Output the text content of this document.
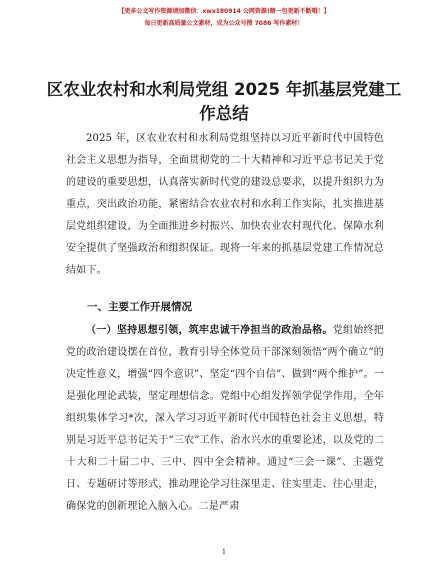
【更多公文写作资源请加微信：xwx180914 公网资源!瞎一包更新不断哦！】
每日更新高质量公文素材，成为公众号搜 7086 写作素材！
区农业农村和水利局党组 2025 年抓基层党建工作总结
2025 年，区农业农村和水利局党组坚持以习近平新时代中国特色社会主义思想为指导，全面贯彻党的二十大精神和习近平总书记关于党的建设的重要思想，认真落实新时代党的建设总要求，以提升组织力为重点，突出政治功能，紧密结合农业农村和水利工作实际，扎实推进基层党组织建设，为全面推进乡村振兴、加快农业农村现代化、保障水利安全提供了坚强政治和组织保证。现将一年来的抓基层党建工作情况总结如下。
一、主要工作开展情况
（一）坚持思想引领，筑牢忠诚干净担当的政治品格。党组始终把党的政治建设摆在首位，教育引导全体党员干部深刻领悟“两个确立”的决定性意义，增强“四个意识”、坚定“四个自信”、做到“两个维护”。一是强化理论武装，坚定理想信念。党组中心组发挥领学促学作用，全年组织集体学习*次，深入学习习近平新时代中国特色社会主义思想，特别是习近平总书记关于“三农”工作、治水兴水的重要论述，以及党的二十大和二十届二中、三中、四中全会精神。通过“三会一课”、主题党日、专题研讨等形式，推动理论学习往深里走、往实里走、往心里走，确保党的创新理论入脑入心。二是严肃
1
